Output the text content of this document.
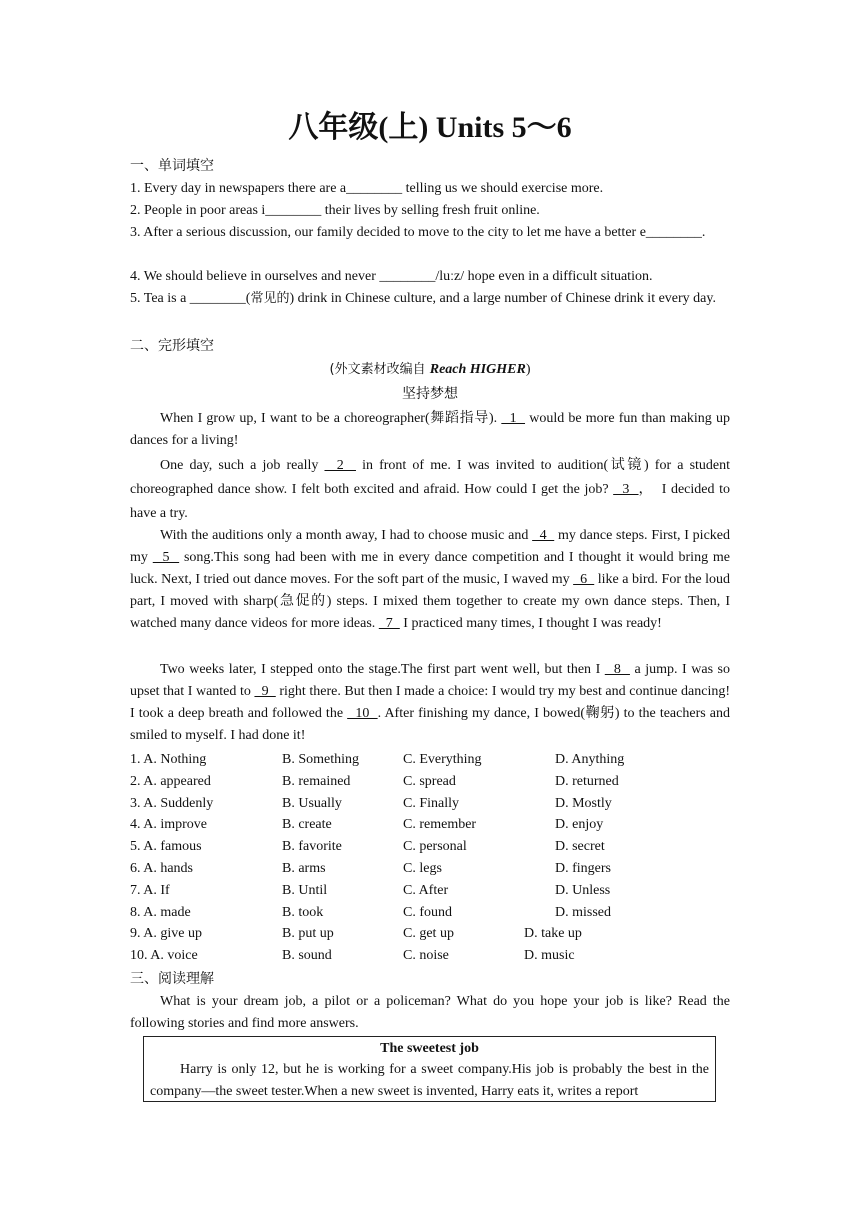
八年级(上) Units 5～6
一、单词填空
1. Every day in newspapers there are a________ telling us we should exercise more.
2. People in poor areas i________ their lives by selling fresh fruit online.
3. After a serious discussion, our family decided to move to the city to let me have a better e________.
4. We should believe in ourselves and never ________/luːz/ hope even in a difficult situation.
5. Tea is a ________(常见的) drink in Chinese culture, and a large number of Chinese drink it every day.
二、完形填空
(外文素材改编自 Reach HIGHER)
坚持梦想
When I grow up, I want to be a choreographer(舞蹈指导).   1   would be more fun than making up dances for a living!
One day, such a job really   2   in front of me. I was invited to audition(试镜) for a student choreographed dance show. I felt both excited and afraid. How could I get the job?   3  ，　I decided to have a try.
With the auditions only a month away, I had to choose music and   4   my dance steps. First, I picked my   5   song.This song had been with me in every dance competition and I thought it would bring me luck. Next, I tried out dance moves. For the soft part of the music, I waved my   6   like a bird. For the loud part, I moved with sharp(急促的) steps. I mixed them together to create my own dance steps. Then, I watched many dance videos for more ideas.   7   I practiced many times, I thought I was ready!
Two weeks later, I stepped onto the stage.The first part went well, but then I   8   a jump. I was so upset that I wanted to   9   right there. But then I made a choice: I would try my best and continue dancing! I took a deep breath and followed the   10  . After finishing my dance, I bowed(鞠躬) to the teachers and smiled to myself. I had done it!
1. A. Nothing	B. Something	C. Everything	D. Anything
2. A. appeared	B. remained	C. spread	D. returned
3. A. Suddenly	B. Usually	C. Finally	D. Mostly
4. A. improve	B. create	C. remember	D. enjoy
5. A. famous	B. favorite	C. personal	D. secret
6. A. hands	B. arms	C. legs	D. fingers
7. A. If	B. Until	C. After	D. Unless
8. A. made	B. took	C. found	D. missed
9. A. give up	B. put up	C. get up	D. take up
10. A. voice	B. sound	C. noise	D. music
三、阅读理解
What is your dream job, a pilot or a policeman? What do you hope your job is like? Read the following stories and find more answers.
The sweetest job
Harry is only 12, but he is working for a sweet company.His job is probably the best in the company—the sweet tester.When a new sweet is invented, Harry eats it, writes a report
